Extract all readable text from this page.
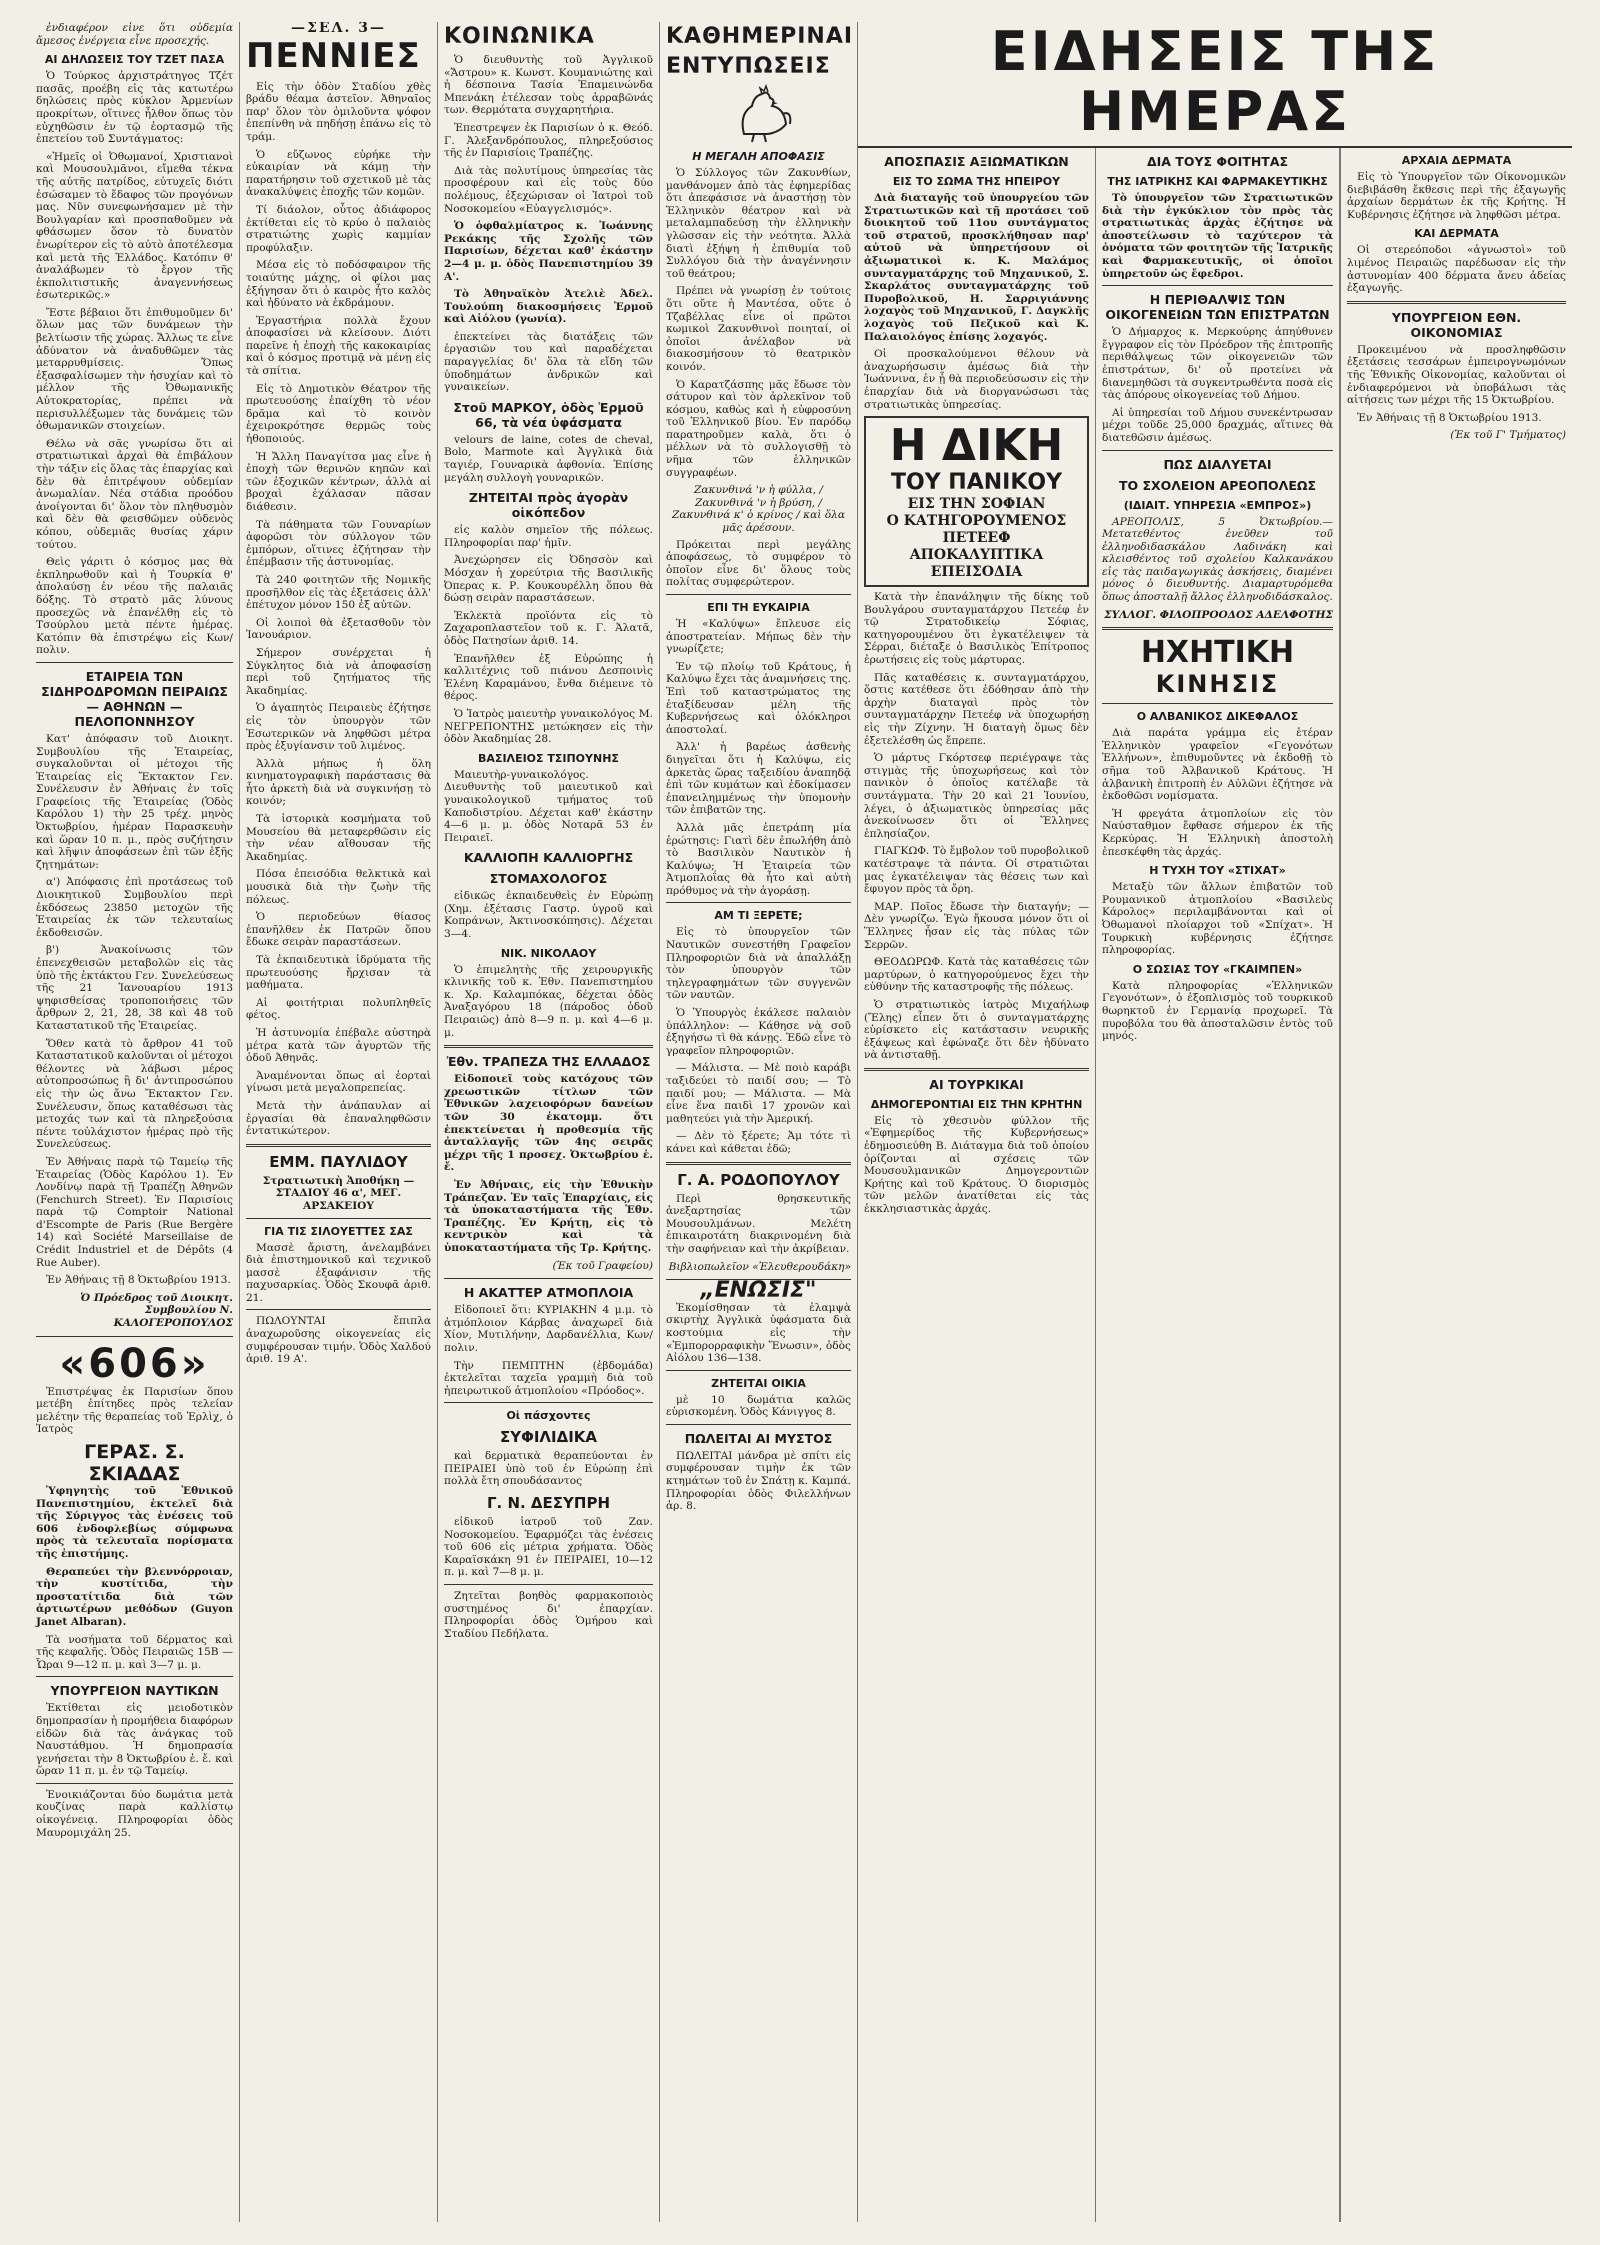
ἐνδιαφέρον εἶνε ὅτι οὐδεμία ἄμεσος ἐνέργεια εἶνε προσεχής.

ΑΙ ΔΗΛΩΣΕΙΣ ΤΟΥ ΤΖΕΤ ΠΑΣΑ

Ὁ Τούρκος ἀρχιστράτηγος Τζέτ πασᾶς, προέβη εἰς τὰς κατωτέρω δηλώσεις πρὸς κύκλον Ἀρμενίων προκρίτων, οἵτινες ἦλθον ὅπως τὸν εὐχηθῶσιν ἐν τῷ ἐορτασμῷ τῆς ἐπετείου τοῦ Συντάγματος:

«Ἡμεῖς οἱ Ὀθωμανοί, Χριστιανοὶ καὶ Μουσουλμᾶνοι, εἴμεθα τέκνα τῆς αὐτῆς πατρίδος, εὐτυχεῖς διότι ἐσώσαμεν τὸ ἔδαφος τῶν προγόνων μας. Νῦν συνεφωνήσαμεν μὲ τὴν Βουλγαρίαν καὶ προσπαθοῦμεν νὰ φθάσωμεν ὅσον τὸ δυνατὸν ἐνωρίτερον εἰς τὸ αὐτὸ ἀποτέλεσμα καὶ μετὰ τῆς Ἑλλάδος. Κατόπιν θ' ἀναλάβωμεν τὸ ἔργον τῆς ἐκπολιτιστικῆς ἀναγεννήσεως ἐσωτερικῶς.»

Ἔστε βέβαιοι ὅτι ἐπιθυμοῦμεν δι' ὅλων μας τῶν δυνάμεων τὴν βελτίωσιν τῆς χώρας. Ἄλλως τε εἶνε ἀδύνατον νὰ ἀναδυθῶμεν τὰς μεταρρυθμίσεις. Ὅπως ἐξασφαλίσωμεν τὴν ἡσυχίαν καὶ τὸ μέλλον τῆς Ὀθωμανικῆς Αὐτοκρατορίας, πρέπει νὰ περισυλλέξωμεν τὰς δυνάμεις τῶν ὀθωμανικῶν στοιχείων.

Θέλω νὰ σᾶς γνωρίσω ὅτι αἱ στρατιωτικαὶ ἀρχαὶ θὰ ἐπιβάλουν τὴν τάξιν εἰς ὅλας τὰς ἐπαρχίας καὶ δὲν θὰ ἐπιτρέψουν οὐδεμίαν ἀνωμαλίαν. Νέα στάδια προόδου ἀνοίγονται δι' ὅλον τὸν πληθυσμὸν καὶ δὲν θὰ φεισθῶμεν οὐδενὸς κόπου, οὐδεμιᾶς θυσίας χάριν τούτου.

Θεὶς γάριτι ὁ κόσμος μας θὰ ἐκπληρωθοῦν καὶ ἡ Τουρκία θ' ἀπολαύσῃ ἐν νέου τῆς παλαιᾶς δόξης. Τὸ στρατὸ μᾶς λύνους προσεχῶς νὰ ἐπανέλθῃ εἰς τὸ Τσούρλου μετὰ πέντε ἡμέρας. Κατόπιν θὰ ἐπιστρέψω εἰς Κων/πολιν.

ΕΤΑΙΡΕΙΑ ΤΩΝ ΣΙΔΗΡΟΔΡΟΜΩΝ ΠΕΙΡΑΙΩΣ — ΑΘΗΝΩΝ — ΠΕΛΟΠΟΝΝΗΣΟΥ

Κατ' ἀπόφασιν τοῦ Διοικητ. Συμβουλίου τῆς Ἑταιρείας, συγκαλοῦνται οἱ μέτοχοι τῆς Ἑταιρείας εἰς Ἔκτακτον Γεν. Συνέλευσιν ἐν Ἀθήναις ἐν τοῖς Γραφείοις τῆς Ἑταιρείας (Ὁδὸς Καρόλου 1) τὴν 25 τρέχ. μηνὸς Ὀκτωβρίου, ἡμέραν Παρασκευὴν καὶ ὥραν 10 π. μ., πρὸς συζήτησιν καὶ λῆψιν ἀποφάσεων ἐπὶ τῶν ἑξῆς ζητημάτων:

α') Ἀπόφασις ἐπὶ προτάσεως τοῦ Διοικητικοῦ Συμβουλίου περὶ ἐκδόσεως 23850 μετοχῶν τῆς Ἑταιρείας ἐκ τῶν τελευταίως ἐκδοθεισῶν.

β') Ἀνακοίνωσις τῶν ἐπενεχθεισῶν μεταβολῶν εἰς τὰς ὑπὸ τῆς ἐκτάκτου Γεν. Συνελεύσεως τῆς 21 Ἰανουαρίου 1913 ψηφισθείσας τροποποιήσεις τῶν ἄρθρων 2, 21, 28, 38 καὶ 48 τοῦ Καταστατικοῦ τῆς Ἑταιρείας.

Ὅθεν κατὰ τὸ ἄρθρον 41 τοῦ Καταστατικοῦ καλοῦνται οἱ μέτοχοι θέλοντες νὰ λάβωσι μέρος αὐτοπροσώπως ἢ δι' ἀντιπροσώπου εἰς τὴν ὡς ἄνω Ἔκτακτον Γεν. Συνέλευσιν, ὅπως καταθέσωσι τὰς μετοχάς των καὶ τὰ πληρεξούσια πέντε τοὐλάχιστον ἡμέρας πρὸ τῆς Συνελεύσεως.

Ἐν Ἀθήναις παρὰ τῷ Ταμείῳ τῆς Ἑταιρείας (Ὁδὸς Καρόλου 1). Ἐν Λονδίνῳ παρὰ τῇ Τραπέζῃ Ἀθηνῶν (Fenchurch Street). Ἐν Παρισίοις παρὰ τῷ Comptoir National d'Escompte de Paris (Rue Bergère 14) καὶ Société Marseillaise de Crédit Industriel et de Dépôts (4 Rue Auber).

Ἐν Ἀθήναις τῇ 8 Ὀκτωβρίου 1913.

Ὁ Πρόεδρος τοῦ Διοικητ. Συμβουλίου Ν. ΚΑΛΟΓΕΡΟΠΟΥΛΟΣ

«606»

Ἐπιστρέψας ἐκ Παρισίων ὅπου μετέβη ἐπίτηδες πρὸς τελείαν μελέτην τῆς θεραπείας τοῦ Ἐρλὶχ, ὁ Ἰατρὸς

ΓΕΡΑΣ. Σ. ΣΚΙΑΔΑΣ

Ὑφηγητὴς τοῦ Ἐθνικοῦ Πανεπιστημίου, ἐκτελεῖ διὰ τῆς Σύριγγος τὰς ἐνέσεις τοῦ 606 ἐνδοφλεβίως σύμφωνα πρὸς τὰ τελευταῖα πορίσματα τῆς ἐπιστήμης.

Θεραπεύει τὴν βλεννόρροιαν, τὴν κυστίτιδα, τὴν προστατίτιδα διὰ τῶν ἀρτιωτέρων μεθόδων (Guyon Janet Albaran).

Τὰ νοσήματα τοῦ δέρματος καὶ τῆς κεφαλῆς. Ὁδὸς Πειραιῶς 15Β — Ὧραι 9—12 π. μ. καὶ 3—7 μ. μ.

ΥΠΟΥΡΓΕΙΟΝ ΝΑΥΤΙΚΩΝ

Ἐκτίθεται εἰς μειοδοτικὸν δημοπρασίαν ἡ προμήθεια διαφόρων εἰδῶν διὰ τὰς ἀνάγκας τοῦ Ναυστάθμου. Ἡ δημοπρασία γενήσεται τὴν 8 Ὀκτωβρίου ἐ. ἔ. καὶ ὥραν 11 π. μ. ἐν τῷ Ταμείῳ.

Ἐνοικιάζονται δύο δωμάτια μετὰ κουζίνας παρὰ καλλίστῳ οἰκογένειᾳ. Πληροφορίαι ὁδὸς Μαυρομιχάλη 25.

—ΣΕΛ. 3—
ΠΕΝΝΙΕΣ

Εἰς τὴν ὁδὸν Σταδίου χθὲς βράδυ θέαμα ἀστεῖον. Ἀθηναῖος παρ' ὅλον τὸν ὁμιλοῦντα ψόφον ἐπεπίνθη νὰ πηδήσῃ ἐπάνω εἰς τὸ τράμ.

Ὁ εὔζωνος εὑρήκε τὴν εὐκαιρίαν νὰ κάμῃ τὴν παρατήρησιν τοῦ σχετικοῦ μὲ τὰς ἀνακαλύψεις ἐποχῆς τῶν κομῶν.

Τί διάολον, οὗτος ἀδιάφορος ἐκτίθεται εἰς τὸ κρύο ὁ παλαιὸς στρατιώτης χωρὶς καμμίαν προφύλαξιν.

Μέσα εἰς τὸ ποδόσφαιρον τῆς τοιαύτης μάχης, οἱ φίλοι μας ἐξήγησαν ὅτι ὁ καιρὸς ἦτο καλὸς καὶ ἠδύνατο νὰ ἐκδράμουν.

Ἐργαστήρια πολλὰ ἔχουν ἀποφασίσει νὰ κλείσουν. Διότι παρεῖνε ἡ ἐποχὴ τῆς κακοκαιρίας καὶ ὁ κόσμος προτιμᾷ νὰ μένῃ εἰς τὰ σπίτια.

Εἰς τὸ Δημοτικὸν Θέατρον τῆς πρωτευούσης ἐπαίχθη τὸ νέον δρᾶμα καὶ τὸ κοινὸν ἐχειροκρότησε θερμῶς τοὺς ἠθοποιούς.

Ἡ Ἄλλη Παναγίτσα μας εἶνε ἡ ἐποχὴ τῶν θερινῶν κηπῶν καὶ τῶν ἐξοχικῶν κέντρων, ἀλλὰ αἱ βροχαὶ ἐχάλασαν πᾶσαν διάθεσιν.

Τὰ πάθηματα τῶν Γουναρίων ἀφορῶσι τὸν σύλλογον τῶν ἐμπόρων, οἵτινες ἐζήτησαν τὴν ἐπέμβασιν τῆς ἀστυνομίας.

Τὰ 240 φοιτητῶν τῆς Νομικῆς προσῆλθον εἰς τὰς ἐξετάσεις ἀλλ' ἐπέτυχον μόνον 150 ἐξ αὐτῶν.

Οἱ λοιποὶ θὰ ἐξετασθοῦν τὸν Ἰανουάριον.

Σήμερον συνέρχεται ἡ Σύγκλητος διὰ νὰ ἀποφασίσῃ περὶ τοῦ ζητήματος τῆς Ἀκαδημίας.

Ὁ ἀγαπητὸς Πειραιεὺς ἐζήτησε εἰς τὸν ὑπουργὸν τῶν Ἐσωτερικῶν νὰ ληφθῶσι μέτρα πρὸς ἐξυγίανσιν τοῦ λιμένος.

Ἀλλὰ μήπως ἡ ὅλη κινηματογραφικὴ παράστασις θὰ ἦτο ἀρκετὴ διὰ νὰ συγκινήσῃ τὸ κοινόν;

Τὰ ἱστορικὰ κοσμήματα τοῦ Μουσείου θὰ μεταφερθῶσιν εἰς τὴν νέαν αἴθουσαν τῆς Ἀκαδημίας.

Πόσα ἐπεισόδια θελκτικὰ καὶ μουσικὰ διὰ τὴν ζωὴν τῆς πόλεως.

Ὁ περιοδεύων θίασος ἐπανῆλθεν ἐκ Πατρῶν ὅπου ἔδωκε σειρὰν παραστάσεων.

Τὰ ἐκπαιδευτικὰ ἱδρύματα τῆς πρωτευούσης ἤρχισαν τὰ μαθήματα.

Αἱ φοιτήτριαι πολυπληθεῖς φέτος.

Ἡ ἀστυνομία ἐπέβαλε αὐστηρὰ μέτρα κατὰ τῶν ἀγυρτῶν τῆς ὁδοῦ Ἀθηνᾶς.

Ἀναμένονται ὅπως αἱ ἑορταὶ γίνωσι μετὰ μεγαλοπρεπείας.

Μετὰ τὴν ἀνάπαυλαν αἱ ἐργασίαι θὰ ἐπαναληφθῶσιν ἐντατικώτερον.

ΕΜΜ. ΠΑΥΛΙΔΟΥ

Στρατιωτικὴ Ἀποθήκη — ΣΤΑΔΙΟΥ 46 α', ΜΕΓ. ΑΡΣΑΚΕΙΟΥ

ΓΙΑ ΤΙΣ ΣΙΛΟΥΕΤΤΕΣ ΣΑΣ

Μασσὲ ἄριστη, ἀνελαμβάνει διὰ ἐπιστημονικοῦ καὶ τεχνικοῦ μασσὲ ἐξαφάνισιν τῆς παχυσαρκίας. Ὁδὸς Σκουφᾶ ἀριθ. 21.

ΠΩΛΟΥΝΤΑΙ ἔπιπλα ἀναχωροῦσης οἰκογενείας εἰς συμφέρουσαν τιμήν. Ὁδὸς Χαλδού ἀριθ. 19 Α'.

ΚΟΙΝΩΝΙΚΑ

Ὁ διευθυντὴς τοῦ Ἀγγλικοῦ «Ἄστρου» κ. Κωνστ. Κουμανιώτης καὶ ἡ δέσποινα Τασία Ἐπαμεινώνδα Μπενάκη ἐτέλεσαν τοὺς ἀρραβῶνάς των. Θερμότατα συγχαρητήρια.

Ἐπεστρεψεν ἐκ Παρισίων ὁ κ. Θεόδ. Γ. Ἀλεξανδρόπουλος, πληρεξούσιος τῆς ἐν Παρισίοις Τραπέζης.

Διὰ τὰς πολυτίμους ὑπηρεσίας τὰς προσφέρουν καὶ εἰς τοὺς δύο πολέμους, ἐξεχώρισαν οἱ Ἰατροὶ τοῦ Νοσοκομείου «Εὐαγγελισμός».

Ὁ ὀφθαλμίατρος κ. Ἰωάννης Ρεκάκης τῆς Σχολῆς τῶν Παρισίων, δέχεται καθ' ἑκάστην 2—4 μ. μ. ὁδὸς Πανεπιστημίου 39 Α'.

Τὸ Ἀθηναϊκὸν Ἀτελιὲ Ἀδελ. Τουλούπη διακοσμήσεις Ἑρμοῦ καὶ Αἰόλου (γωνία).

ἐπεκτείνει τὰς διατάξεις τῶν ἐργασιῶν του καὶ παραδέχεται παραγγελίας δι' ὅλα τὰ εἴδη τῶν ὑποδημάτων ἀνδρικῶν καὶ γυναικείων.

Στοῦ ΜΑΡΚΟΥ, ὁδὸς Ἑρμοῦ 66, τὰ νέα ὑφάσματα

velours de laine, cotes de cheval, Bolo, Marmote καὶ Ἀγγλικὰ διὰ ταγιέρ, Γουναρικὰ ἀφθονία. Ἐπίσης μεγάλη συλλογὴ γουναρικῶν.

ΖΗΤΕΙΤΑΙ πρὸς ἀγορὰν οἰκόπεδον

εἰς καλὸν σημεῖον τῆς πόλεως. Πληροφορίαι παρ' ἡμῖν.

Ἀνεχώρησεν εἰς Ὀδησσὸν καὶ Μόσχαν ἡ χορεύτρια τῆς Βασιλικῆς Ὀπερας κ. Ρ. Κουκουρέλλη ὅπου θὰ δώσῃ σειρὰν παραστάσεων.

Ἐκλεκτὰ προϊόντα εἰς τὸ Ζαχαροπλαστεῖον τοῦ κ. Γ. Ἀλατᾶ, ὁδὸς Πατησίων ἀριθ. 14.

Ἐπανῆλθεν ἐξ Εὐρώπης ἡ καλλιτέχνις τοῦ πιάνου Δεσποινὶς Ἑλένη Καραμάνου, ἔνθα διέμεινε τὸ θέρος.

Ὁ Ἰατρὸς μαιευτὴρ γυναικολόγος Μ. ΝΕΓΡΕΠΟΝΤΗΣ μετώκησεν εἰς τὴν ὁδὸν Ἀκαδημίας 28.

ΒΑΣΙΛΕΙΟΣ ΤΣΙΠΟΥΝΗΣ

Μαιευτὴρ-γυναικολόγος. Διευθυντὴς τοῦ μαιευτικοῦ καὶ γυναικολογικοῦ τμήματος τοῦ Καποδιστρίου. Δέχεται καθ' ἑκάστην 4—6 μ. μ. ὁδὸς Νοταρᾶ 53 ἐν Πειραιεῖ.

ΚΑΛΛΙΟΠΗ ΚΑΛΛΙΟΡΓΗΣ
ΣΤΟΜΑΧΟΛΟΓΟΣ

εἰδικῶς ἐκπαιδευθεὶς ἐν Εὐρώπῃ (Χημ. ἐξέτασις Γαστρ. ὑγροῦ καὶ Κοπράνων, Ἀκτινοσκόπησις). Δέχεται 3—4.

ΝΙΚ. ΝΙΚΟΛΑΟΥ

Ὁ ἐπιμελητὴς τῆς χειρουργικῆς κλινικῆς τοῦ κ. Ἐθν. Πανεπιστημίου κ. Χρ. Καλαμπόκας, δέχεται ὁδὸς Ἀναξαγόρου 18 (πάροδος ὁδοῦ Πειραιῶς) ἀπὸ 8—9 π. μ. καὶ 4—6 μ. μ.

Ἐθν. ΤΡΑΠΕΖΑ ΤΗΣ ΕΛΛΑΔΟΣ

Εἰδοποιεῖ τοὺς κατόχους τῶν χρεωστικῶν τίτλων τῶν Ἐθνικῶν λαχειοφόρων δανείων τῶν 30 ἑκατομμ. ὅτι ἐπεκτείνεται ἡ προθεσμία τῆς ἀνταλλαγῆς τῶν 4ης σειρᾶς μέχρι τῆς 1 προσεχ. Ὀκτωβρίου ἐ. ἔ.

Ἐν Ἀθήναις, εἰς τὴν Ἐθνικὴν Τράπεζαν. Ἐν ταῖς Ἐπαρχίαις, εἰς τὰ ὑποκαταστήματα τῆς Ἐθν. Τραπέζης. Ἐν Κρήτῃ, εἰς τὸ κεντρικὸν καὶ τὰ ὑποκαταστήματα τῆς Τρ. Κρήτης.

(Ἐκ τοῦ Γραφείου)

Η ΑΚΑΤΤΕΡ ΑΤΜΟΠΛΟΙΑ

Εἰδοποιεῖ ὅτι: ΚΥΡΙΑΚΗΝ 4 μ.μ. τὸ ἀτμόπλοιον Κάρβας ἀναχωρεῖ διὰ Χίον, Μυτιλήνην, Δαρδανέλλια, Κων/πολιν.

Τὴν ΠΕΜΠΤΗΝ (ἑβδομάδα) ἐκτελεῖται ταχεῖα γραμμὴ διὰ τοῦ ἠπειρωτικοῦ ἀτμοπλοίου «Πρόοδος».

Οἱ πάσχοντες
ΣΥΦΙΛΙΔΙΚΑ

καὶ δερματικὰ θεραπεύονται ἐν ΠΕΙΡΑΙΕΙ ὑπὸ τοῦ ἐν Εὐρώπῃ ἐπὶ πολλὰ ἔτη σπουδάσαντος

Γ. Ν. ΔΕΣΥΠΡΗ

εἰδικοῦ ἰατροῦ τοῦ Ζαν. Νοσοκομείου. Ἐφαρμόζει τὰς ἐνέσεις τοῦ 606 εἰς μέτρια χρήματα. Ὁδὸς Καραϊσκάκη 91 ἐν ΠΕΙΡΑΙΕΙ, 10—12 π. μ. καὶ 7—8 μ. μ.

Ζητεῖται βοηθὸς φαρμακοποιὸς συστημένος δι' ἐπαρχίαν. Πληροφορίαι ὁδὸς Ὁμήρου καὶ Σταδίου Πεδήλατα.

ΚΑΘΗΜΕΡΙΝΑΙ
ΕΝΤΥΠΩΣΕΙΣ
Η ΜΕΓΑΛΗ ΑΠΟΦΑΣΙΣ

Ὁ Σύλλογος τῶν Ζακυνθίων, μανθάνομεν ἀπὸ τὰς ἐφημερίδας ὅτι ἀπεφάσισε νὰ ἀναστήσῃ τὸν Ἑλληνικὸν θέατρον καὶ νὰ μεταλαμπαδεύσῃ τὴν ἑλληνικὴν γλῶσσαν εἰς τὴν νεότητα. Ἀλλὰ διατὶ ἐξήψη ἡ ἐπιθυμία τοῦ Συλλόγου διὰ τὴν ἀναγέννησιν τοῦ θεάτρου;

Πρέπει νὰ γνωρίσῃ ἐν τούτοις ὅτι οὔτε ἡ Μαντέσα, οὔτε ὁ Τζαβέλλας εἶνε οἱ πρῶτοι κωμικοὶ Ζακυνθινοὶ ποιηταί, οἱ ὁποῖοι ἀνέλαβον νὰ διακοσμήσουν τὸ θεατρικὸν κοινόν.

Ὁ Καρατζάσπης μᾶς ἔδωσε τὸν σάτυρον καὶ τὸν ἀρλεκῖνον τοῦ κόσμου, καθὼς καὶ ἡ εὐφροσύνη τοῦ Ἑλληνικοῦ βίου. Ἐν παρόδῳ παρατηροῦμεν καλὰ, ὅτι ὁ μέλλων νὰ τὸ συλλογισθῇ τὸ νῆμα τῶν ἑλληνικῶν συγγραφέων.

Ζακυνθινά 'ν ἡ φύλλα, / Ζακυνθινά 'ν ἡ βρύση, / Ζακυνθινά κ' ὁ κρίνος / καὶ ὅλα μᾶς ἀρέσουν.

Πρόκειται περὶ μεγάλης ἀποφάσεως, τὸ συμφέρον τὸ ὁποῖον εἶνε δι' ὅλους τοὺς πολίτας συμφερώτερον.

ΕΠΙ ΤΗ ΕΥΚΑΙΡΙΑ

Ἡ «Καλύψω» ἔπλευσε εἰς ἀποστρατείαν. Μήπως δὲν τὴν γνωρίζετε;

Ἐν τῷ πλοίῳ τοῦ Κράτους, ἡ Καλύψω ἔχει τὰς ἀναμνήσεις της. Ἐπὶ τοῦ καταστρώματος της ἐταξίδευσαν μέλη τῆς Κυβερνήσεως καὶ ὁλόκληροι ἀποστολαί.

Ἀλλ' ἡ βαρέως ἀσθενὴς διηγεῖται ὅτι ἡ Καλύψω, εἰς ἀρκετὰς ὥρας ταξειδίου ἀναπηδᾷ ἐπὶ τῶν κυμάτων καὶ ἐδοκίμασεν ἐπανειλημμένως τὴν ὑπομονὴν τῶν ἐπιβατῶν της.

Ἀλλὰ μᾶς ἐπετράπη μία ἐρώτησις: Γιατὶ δὲν ἐπωλήθη ἀπὸ τὸ Βασιλικὸν Ναυτικὸν ἡ Καλύψω; Ἡ Ἑταιρεία τῶν Ἀτμοπλοΐας θὰ ἦτο καὶ αὐτὴ πρόθυμος νὰ τὴν ἀγοράσῃ.

ΑΜ ΤΙ ΞΕΡΕΤΕ;

Εἰς τὸ ὑπουργεῖον τῶν Ναυτικῶν συνεστήθη Γραφεῖον Πληροφοριῶν διὰ νὰ ἀπαλλάξῃ τὸν ὑπουργὸν τῶν τηλεγραφημάτων τῶν συγγενῶν τῶν ναυτῶν.

Ὁ Ὑπουργὸς ἐκάλεσε παλαιὸν ὑπάλληλον: — Κάθησε νὰ σοῦ ἐξηγήσω τὶ θὰ κάνῃς. Ἐδῶ εἶνε τὸ γραφεῖον πληροφοριῶν.

— Μάλιστα. — Μὲ ποιὸ καράβι ταξιδεύει τὸ παιδί σου; — Τὸ παιδί μου; — Μάλιστα. — Μὰ εἶνε ἕνα παιδὶ 17 χρονῶν καὶ μαθητεύει γιὰ τὴν Ἀμερική.

— Δὲν τὸ ξέρετε; Ἀμ τότε τὶ κάνει καὶ κάθεται ἐδῶ;

Γ. Α. ΡΟΔΟΠΟΥΛΟΥ

Περὶ θρησκευτικῆς ἀνεξαρτησίας τῶν Μουσουλμάνων. Μελέτη ἐπικαιροτάτη διακρινομένη διὰ τὴν σαφήνειαν καὶ τὴν ἀκρίβειαν.

Βιβλιοπωλεῖον «Ἐλευθερουδάκη»

„ΕΝΩΣΙΣ"

Ἐκομίσθησαν τὰ ἐλαμψὰ σκιρτὴχ Ἀγγλικὰ ὑφάσματα διὰ κοστούμια εἰς τὴν «Ἐμπορορραφικὴν Ἕνωσιν», ὁδὸς Αἰόλου 136—138.

ΖΗΤΕΙΤΑΙ ΟΙΚΙΑ

μὲ 10 δωμάτια καλῶς εὑρισκομένη. Ὁδὸς Κάνιγγος 8.

ΠΩΛΕΙΤΑΙ ΑΙ ΜΥΣΤΟΣ

ΠΩΛΕΙΤΑΙ μάνδρα μὲ σπίτι εἰς συμφέρουσαν τιμὴν ἐκ τῶν κτημάτων τοῦ ἐν Σπάτῃ κ. Καμπά. Πληροφορίαι ὁδὸς Φιλελλήνων ἀρ. 8.

ΕΙΔΗΣΕΙΣ ΤΗΣ ΗΜΕΡΑΣ
ΑΠΟΣΠΑΣΙΣ ΑΞΙΩΜΑΤΙΚΩΝ
ΕΙΣ ΤΟ ΣΩΜΑ ΤΗΣ ΗΠΕΙΡΟΥ

Διὰ διαταγῆς τοῦ ὑπουργείου τῶν Στρατιωτικῶν καὶ τῇ προτάσει τοῦ διοικητοῦ τοῦ 11ου συντάγματος τοῦ στρατοῦ, προσκλήθησαν παρ' αὐτοῦ νὰ ὑπηρετήσουν οἱ ἀξιωματικοὶ κ. Κ. Μαλάμος συνταγματάρχης τοῦ Μηχανικοῦ, Σ. Σκαρλάτος συνταγματάρχης τοῦ Πυροβολικοῦ, Η. Σαρριγιάννης λοχαγὸς τοῦ Μηχανικοῦ, Γ. Δαγκλῆς λοχαγὸς τοῦ Πεζικοῦ καὶ Κ. Παλαιολόγος ἐπίσης λοχαγός.

Οἱ προσκαλούμενοι θέλουν νὰ ἀναχωρήσωσιν ἀμέσως διὰ τὴν Ἰωάννινα, ἐν ᾗ θὰ περιοδεύσωσιν εἰς τὴν ἐπαρχίαν διὰ νὰ διοργανώσωσι τὰς στρατιωτικὰς ὑπηρεσίας.

Η ΔΙΚΗ
ΤΟΥ ΠΑΝΙΚΟΥ
ΕΙΣ ΤΗΝ ΣΟΦΙΑΝ
Ο ΚΑΤΗΓΟΡΟΥΜΕΝΟΣ ΠΕΤΕΕΦ
ΑΠΟΚΑΛΥΠΤΙΚΑ ΕΠΕΙΣΟΔΙΑ

Κατὰ τὴν ἐπανάληψιν τῆς δίκης τοῦ Βουλγάρου συνταγματάρχου Πετεέφ ἐν τῷ Στρατοδικείῳ Σόφιας, κατηγορουμένου ὅτι ἐγκατέλειψεν τὰ Σέρραι, διέταξε ὁ Βασιλικὸς Ἐπίτροπος ἐρωτήσεις εἰς τοὺς μάρτυρας.

Πᾶς καταθέσεις κ. συνταγματάρχου, ὅστις κατέθεσε ὅτι ἐδόθησαν ἀπὸ τὴν ἀρχὴν διαταγαὶ πρὸς τὸν συνταγματάρχην Πετεέφ νὰ ὑποχωρήσῃ εἰς τὴν Ζίχνην. Ἡ διαταγὴ ὅμως δὲν ἐξετελέσθη ὡς ἔπρεπε.

Ὁ μάρτυς Γκόρτσεφ περιέγραψε τὰς στιγμὰς τῆς ὑποχωρήσεως καὶ τὸν πανικὸν ὁ ὁποῖος κατέλαβε τὰ συντάγματα. Τὴν 20 καὶ 21 Ἰουνίου, λέγει, ὁ ἀξιωματικὸς ὑπηρεσίας μᾶς ἀνεκοίνωσεν ὅτι οἱ Ἕλληνες ἐπλησίαζον.

ΓΙΑΓΚΩΦ. Τὸ ἔμβολον τοῦ πυροβολικοῦ κατέστραψε τὰ πάντα. Οἱ στρατιῶται μας ἐγκατέλειψαν τὰς θέσεις των καὶ ἔφυγον πρὸς τὰ ὄρη.

ΜΑΡ. Ποῖος ἔδωσε τὴν διαταγήν; — Δὲν γνωρίζω. Ἐγὼ ἤκουσα μόνον ὅτι οἱ Ἕλληνες ἦσαν εἰς τὰς πύλας τῶν Σερρῶν.

ΘΕΟΔΩΡΩΦ. Κατὰ τὰς καταθέσεις τῶν μαρτύρων, ὁ κατηγορούμενος ἔχει τὴν εὐθύνην τῆς καταστροφῆς τῆς πόλεως.

Ὁ στρατιωτικὸς ἰατρὸς Μιχαήλωφ (Ἔλης) εἶπεν ὅτι ὁ συνταγματάρχης εὑρίσκετο εἰς κατάστασιν νευρικῆς ἐξάψεως καὶ ἐφώναζε ὅτι δὲν ἠδύνατο νὰ ἀντισταθῇ.

ΑΙ ΤΟΥΡΚΙΚΑΙ
ΔΗΜΟΓΕΡΟΝΤΙΑΙ ΕΙΣ ΤΗΝ ΚΡΗΤΗΝ

Εἰς τὸ χθεσινὸν φύλλον τῆς «Ἐφημερίδος τῆς Κυβερνήσεως» ἐδημοσιεύθη Β. Διάταγμα διὰ τοῦ ὁποίου ὁρίζονται αἱ σχέσεις τῶν Μουσουλμανικῶν Δημογεροντιῶν Κρήτης καὶ τοῦ Κράτους. Ὁ διορισμὸς τῶν μελῶν ἀνατίθεται εἰς τὰς ἐκκλησιαστικὰς ἀρχάς.

ΔΙΑ ΤΟΥΣ ΦΟΙΤΗΤΑΣ
ΤΗΣ ΙΑΤΡΙΚΗΣ ΚΑΙ ΦΑΡΜΑΚΕΥΤΙΚΗΣ

Τὸ ὑπουργεῖον τῶν Στρατιωτικῶν διὰ τὴν ἐγκύκλιον τὸν πρὸς τὰς στρατιωτικὰς ἀρχὰς ἐζήτησε νὰ ἀποστείλωσιν τὸ ταχύτερον τὰ ὀνόματα τῶν φοιτητῶν τῆς Ἰατρικῆς καὶ Φαρμακευτικῆς, οἱ ὁποῖοι ὑπηρετοῦν ὡς ἔφεδροι.

Η ΠΕΡΙΘΑΛΨΙΣ ΤΩΝ ΟΙΚΟΓΕΝΕΙΩΝ ΤΩΝ ΕΠΙΣΤΡΑΤΩΝ

Ὁ Δήμαρχος κ. Μερκούρης ἀπηύθυνεν ἔγγραφον εἰς τὸν Πρόεδρον τῆς ἐπιτροπῆς περιθάλψεως τῶν οἰκογενειῶν τῶν ἐπιστράτων, δι' οὗ προτείνει νὰ διανεμηθῶσι τὰ συγκεντρωθέντα ποσὰ εἰς τὰς ἀπόρους οἰκογενείας τοῦ Δήμου.

Αἱ ὑπηρεσίαι τοῦ Δήμου συνεκέντρωσαν μέχρι τοῦδε 25,000 δραχμάς, αἵτινες θὰ διατεθῶσιν ἀμέσως.

ΠΩΣ ΔΙΑΛΥΕΤΑΙ
ΤΟ ΣΧΟΛΕΙΟΝ ΑΡΕΟΠΟΛΕΩΣ
(ΙΔΙΑΙΤ. ΥΠΗΡΕΣΙΑ «ΕΜΠΡΟΣ»)

ΑΡΕΟΠΟΛΙΣ, 5 Ὀκτωβρίου.—Μετατεθέντος ἐνεῦθεν τοῦ ἑλληνοδιδασκάλου Λαδινάκη καὶ κλεισθέντος τοῦ σχολείου Καλκανάκου εἰς τὰς παιδαγωγικὰς ἀσκήσεις, διαμένει μόνος ὁ διευθυντής. Διαμαρτυρόμεθα ὅπως ἀποσταλῇ ἄλλος ἑλληνοδιδάσκαλος.

ΣΥΛΛΟΓ. ΦΙΛΟΠΡΟΟΔΟΣ ΑΔΕΛΦΟΤΗΣ

ΗΧΗΤΙΚΗ
ΚΙΝΗΣΙΣ
Ο ΑΛΒΑΝΙΚΟΣ ΔΙΚΕΦΑΛΟΣ

Διὰ παράτα γράμμα εἰς ἑτέραν Ἐλληνικὸν γραφεῖον «Γεγονότων Ἑλλήνων», ἐπιθυμοῦντες νὰ ἐκδοθῇ τὸ σῆμα τοῦ Ἀλβανικοῦ Κράτους. Ἡ ἀλβανικὴ ἐπιτροπὴ ἐν Αὐλῶνι ἐζήτησε νὰ ἐκδοθῶσι νομίσματα.

Ἡ φρεγάτα ἀτμοπλοίων εἰς τὸν Ναύσταθμον ἔφθασε σήμερον ἐκ τῆς Κερκύρας. Ἡ Ἐλληνικὴ ἀποστολὴ ἐπεσκέφθη τὰς ἀρχάς.

Η ΤΥΧΗ ΤΟΥ «ΣΤΙΧΑΤ»

Μεταξὺ τῶν ἄλλων ἐπιβατῶν τοῦ Ρουμανικοῦ ἀτμοπλοίου «Βασιλεὺς Κάρολος» περιλαμβάνονται καὶ οἱ Ὀθωμανοὶ πλοίαρχοι τοῦ «Σπίχατ». Ἡ Τουρκικὴ κυβέρνησις ἐζήτησε πληροφορίας.

Ο ΣΩΣΙΑΣ ΤΟΥ «ΓΚΑΙΜΠΕΝ»

Κατὰ πληροφορίας «Ἑλληνικῶν Γεγονότων», ὁ ἐξοπλισμὸς τοῦ τουρκικοῦ θωρηκτοῦ ἐν Γερμανίᾳ προχωρεῖ. Τὰ πυροβόλα του θὰ ἀποσταλῶσιν ἐντὸς τοῦ μηνός.

ΑΡΧΑΙΑ ΔΕΡΜΑΤΑ

Εἰς τὸ Ὑπουργεῖον τῶν Οἰκονομικῶν διεβιβάσθη ἔκθεσις περὶ τῆς ἐξαγωγῆς ἀρχαίων δερμάτων ἐκ τῆς Κρήτης. Ἡ Κυβέρνησις ἐζήτησε νὰ ληφθῶσι μέτρα.

ΚΑΙ ΔΕΡΜΑΤΑ

Οἱ στερεόποδοι «ἀγνωστοὶ» τοῦ λιμένος Πειραιῶς παρέδωσαν εἰς τὴν ἀστυνομίαν 400 δέρματα ἄνευ ἀδείας ἐξαγωγῆς.

ΥΠΟΥΡΓΕΙΟΝ ΕΘΝ. ΟΙΚΟΝΟΜΙΑΣ

Προκειμένου νὰ προσληφθῶσιν ἐξετάσεις τεσσάρων ἐμπειρογνωμόνων τῆς Ἐθνικῆς Οἰκονομίας, καλοῦνται οἱ ἐνδιαφερόμενοι νὰ ὑποβάλωσι τὰς αἰτήσεις των μέχρι τῆς 15 Ὀκτωβρίου.

Ἐν Ἀθήναις τῇ 8 Ὀκτωβρίου 1913.

(Ἐκ τοῦ Γ' Τμήματος)
